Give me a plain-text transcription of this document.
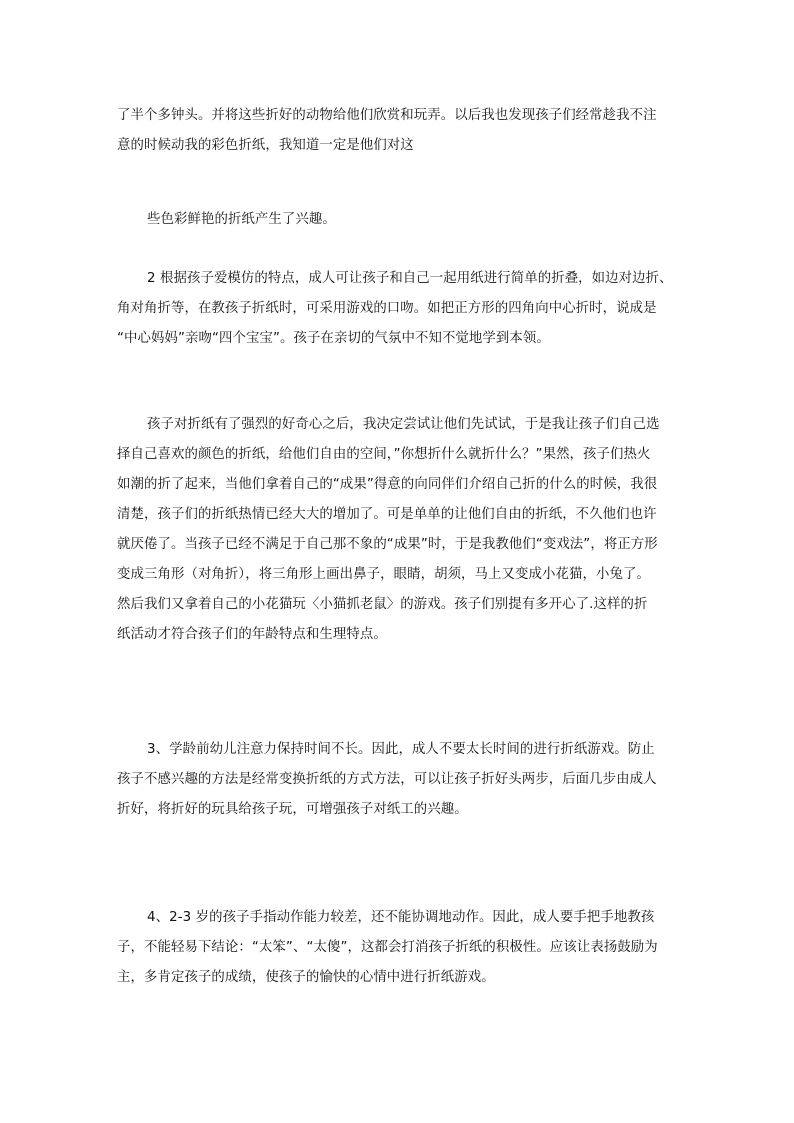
了半个多钟头。并将这些折好的动物给他们欣赏和玩弄。以后我也发现孩子们经常趁我不注
意的时候动我的彩色折纸，我知道一定是他们对这
些色彩鲜艳的折纸产生了兴趣。
2 根据孩子爱模仿的特点，成人可让孩子和自己一起用纸进行简单的折叠，如边对边折、
角对角折等，在教孩子折纸时，可采用游戏的口吻。如把正方形的四角向中心折时，说成是
“中心妈妈”亲吻“四个宝宝”。孩子在亲切的气氛中不知不觉地学到本领。
孩子对折纸有了强烈的好奇心之后，我决定尝试让他们先试试，于是我让孩子们自己选
择自己喜欢的颜色的折纸，给他们自由的空间，”你想折什么就折什么？”果然，孩子们热火
如潮的折了起来，当他们拿着自己的“成果”得意的向同伴们介绍自己折的什么的时候，我很
清楚，孩子们的折纸热情已经大大的增加了。可是单单的让他们自由的折纸，不久他们也许
就厌倦了。当孩子已经不满足于自己那不象的“成果”时，于是我教他们“变戏法”，将正方形
变成三角形（对角折），将三角形上画出鼻子，眼睛，胡须，马上又变成小花猫，小兔了。
然后我们又拿着自己的小花猫玩〈小猫抓老鼠〉的游戏。孩子们别提有多开心了.这样的折
纸活动才符合孩子们的年龄特点和生理特点。
3、学龄前幼儿注意力保持时间不长。因此，成人不要太长时间的进行折纸游戏。防止
孩子不感兴趣的方法是经常变换折纸的方式方法，可以让孩子折好头两步，后面几步由成人
折好，将折好的玩具给孩子玩，可增强孩子对纸工的兴趣。
4、2-3 岁的孩子手指动作能力较差，还不能协调地动作。因此，成人要手把手地教孩
子，不能轻易下结论：“太笨”、“太傻”，这都会打消孩子折纸的积极性。应该让表扬鼓励为
主，多肯定孩子的成绩，使孩子的愉快的心情中进行折纸游戏。
